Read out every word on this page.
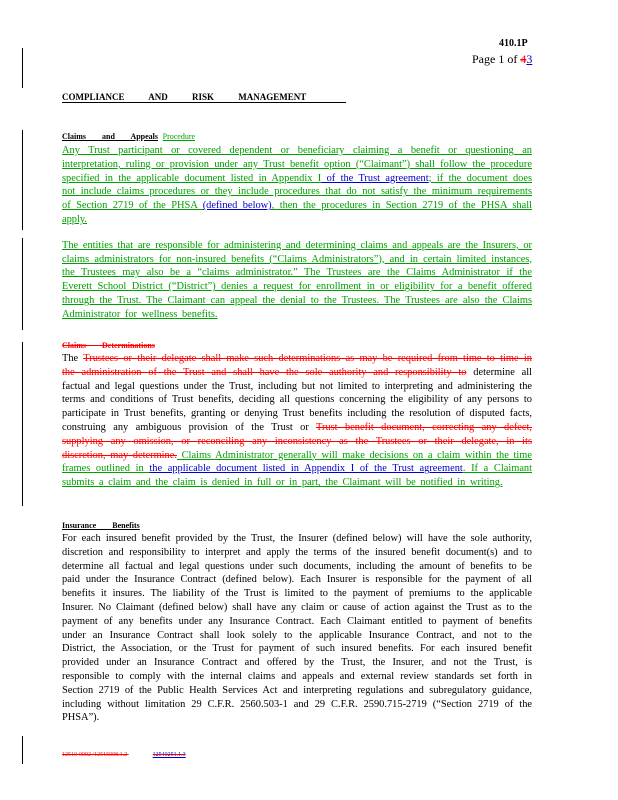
410.1P
Page 1 of 43
COMPLIANCE AND RISK MANAGEMENT
Claims and Appeals Procedure
Any Trust participant or covered dependent or beneficiary claiming a benefit or questioning an interpretation, ruling or provision under any Trust benefit option (“Claimant”) shall follow the procedure specified in the applicable document listed in Appendix I of the Trust agreement; if the document does not include claims procedures or they include procedures that do not satisfy the minimum requirements of Section 2719 of the PHSA (defined below), then the procedures in Section 2719 of the PHSA shall apply.
The entities that are responsible for administering and determining claims and appeals are the Insurers, or claims administrators for non-insured benefits (“Claims Administrators”), and in certain limited instances, the Trustees may also be a “claims administrator.” The Trustees are the Claims Administrator if the Everett School District (“District”) denies a request for enrollment in or eligibility for a benefit offered through the Trust. The Claimant can appeal the denial to the Trustees. The Trustees are also the Claims Administrator for wellness benefits.
Claims Determinations
The Trustees or their delegate shall make such determinations as may be required from time to time in the administration of the Trust and shall have the sole authority and responsibility to determine all factual and legal questions under the Trust, including but not limited to interpreting and administering the terms and conditions of Trust benefits, deciding all questions concerning the eligibility of any persons to participate in Trust benefits, granting or denying Trust benefits including the resolution of disputed facts, construing any ambiguous provision of the Trust or Trust benefit document, correcting any defect, supplying any omission, or reconciling any inconsistency as the Trustees or their delegate, in its discretion, may determine. Claims Administrator generally will make decisions on a claim within the time frames outlined in the applicable document listed in Appendix I of the Trust agreement. If a Claimant submits a claim and the claim is denied in full or in part, the Claimant will be notified in writing.
Insurance Benefits
For each insured benefit provided by the Trust, the Insurer (defined below) will have the sole authority, discretion and responsibility to interpret and apply the terms of the insured benefit document(s) and to determine all factual and legal questions under such documents, including the amount of benefits to be paid under the Insurance Contract (defined below). Each Insurer is responsible for the payment of all benefits it insures. The liability of the Trust is limited to the payment of premiums to the applicable Insurer. No Claimant (defined below) shall have any claim or cause of action against the Trust as to the payment of any benefits under any Insurance Contract. Each Claimant entitled to payment of benefits under an Insurance Contract shall look solely to the applicable Insurance Contract, and not to the District, the Association, or the Trust for payment of such insured benefits. For each insured benefit provided under an Insurance Contract and offered by the Trust, the Insurer, and not the Trust, is responsible to comply with the internal claims and appeals and external review standards set forth in Section 2719 of the Public Health Services Act and interpreting regulations and subregulatory guidance, including without limitation 29 C.F.R. 2560.503-1 and 29 C.F.R. 2590.715-2719 (“Section 2719 of the PHSA”).
12510-0002 /12515008.1.2	12540251.1.3
